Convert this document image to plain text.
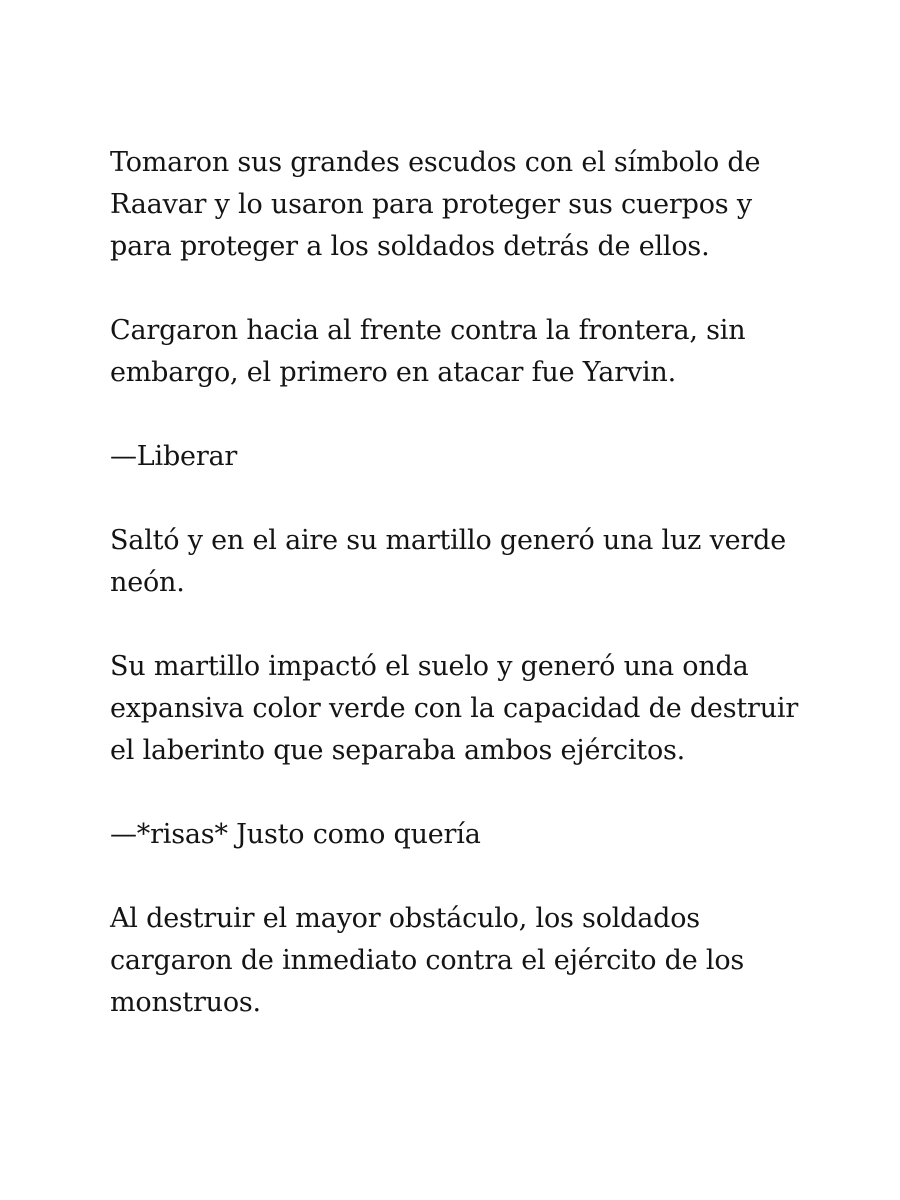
Tomaron sus grandes escudos con el símbolo de Raavar y lo usaron para proteger sus cuerpos y para proteger a los soldados detrás de ellos.

Cargaron hacia al frente contra la frontera, sin embargo, el primero en atacar fue Yarvin.

—Liberar

Saltó y en el aire su martillo generó una luz verde neón.

Su martillo impactó el suelo y generó una onda expansiva color verde con la capacidad de destruir el laberinto que separaba ambos ejércitos.

—*risas* Justo como quería

Al destruir el mayor obstáculo, los soldados cargaron de inmediato contra el ejército de los monstruos.
